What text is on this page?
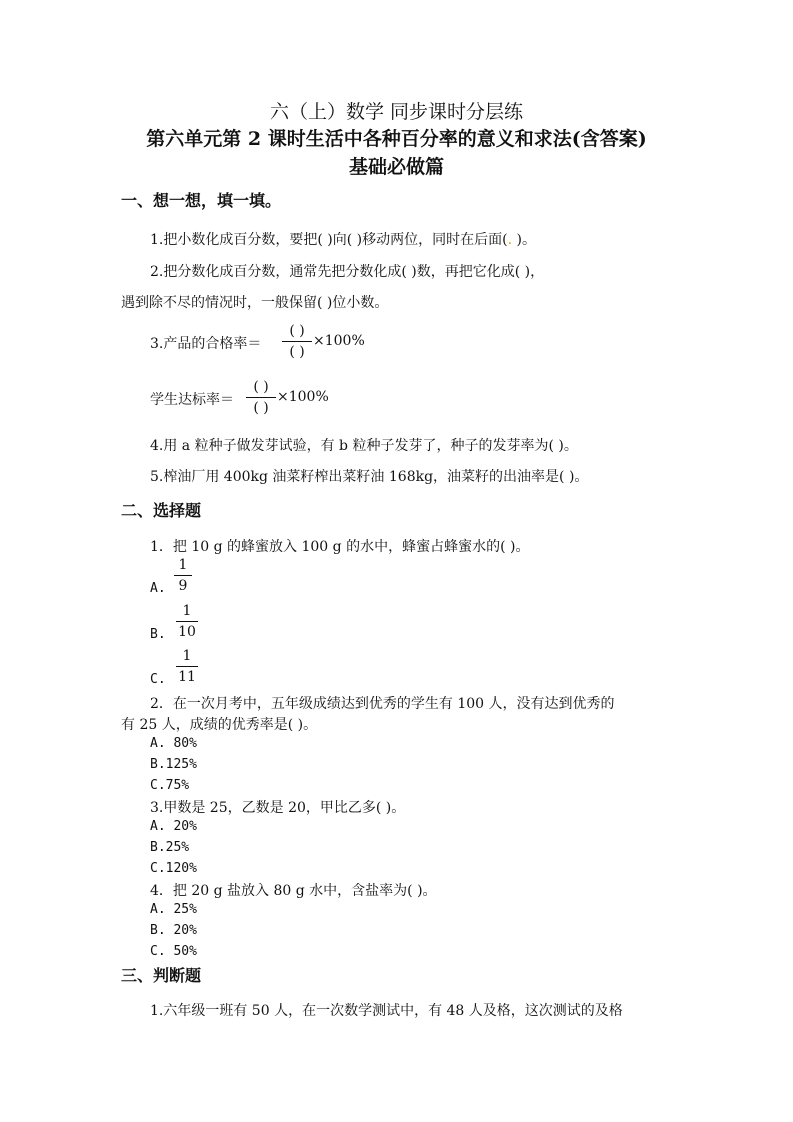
六（上）数学 同步课时分层练
第六单元第 2 课时生活中各种百分率的意义和求法(含答案)
基础必做篇
一、想一想，填一填。
1.把小数化成百分数，要把( )向( )移动两位，同时在后面(. )。
2.把分数化成百分数，通常先把分数化成( )数，再把它化成( )，
遇到除不尽的情况时，一般保留( )位小数。
3.产品的合格率＝
( )
( )
×100%
学生达标率＝
( )
( )
×100%
4.用 a 粒种子做发芽试验，有 b 粒种子发芽了，种子的发芽率为( )。
5.榨油厂用 400kg 油菜籽榨出菜籽油 168kg，油菜籽的出油率是( )。
二、选择题
1．把 10 g 的蜂蜜放入 100 g 的水中，蜂蜜占蜂蜜水的( )。
A.
1
9
B.
1
10
C.
1
11
2．在一次月考中，五年级成绩达到优秀的学生有 100 人，没有达到优秀的
有 25 人，成绩的优秀率是( )。
A. 80%
B.125%
C.75%
3.甲数是 25，乙数是 20，甲比乙多( )。
A. 20%
B.25%
C.120%
4．把 20 g 盐放入 80 g 水中，含盐率为( )。
A. 25%
B. 20%
C. 50%
三、判断题
1.六年级一班有 50 人，在一次数学测试中，有 48 人及格，这次测试的及格
